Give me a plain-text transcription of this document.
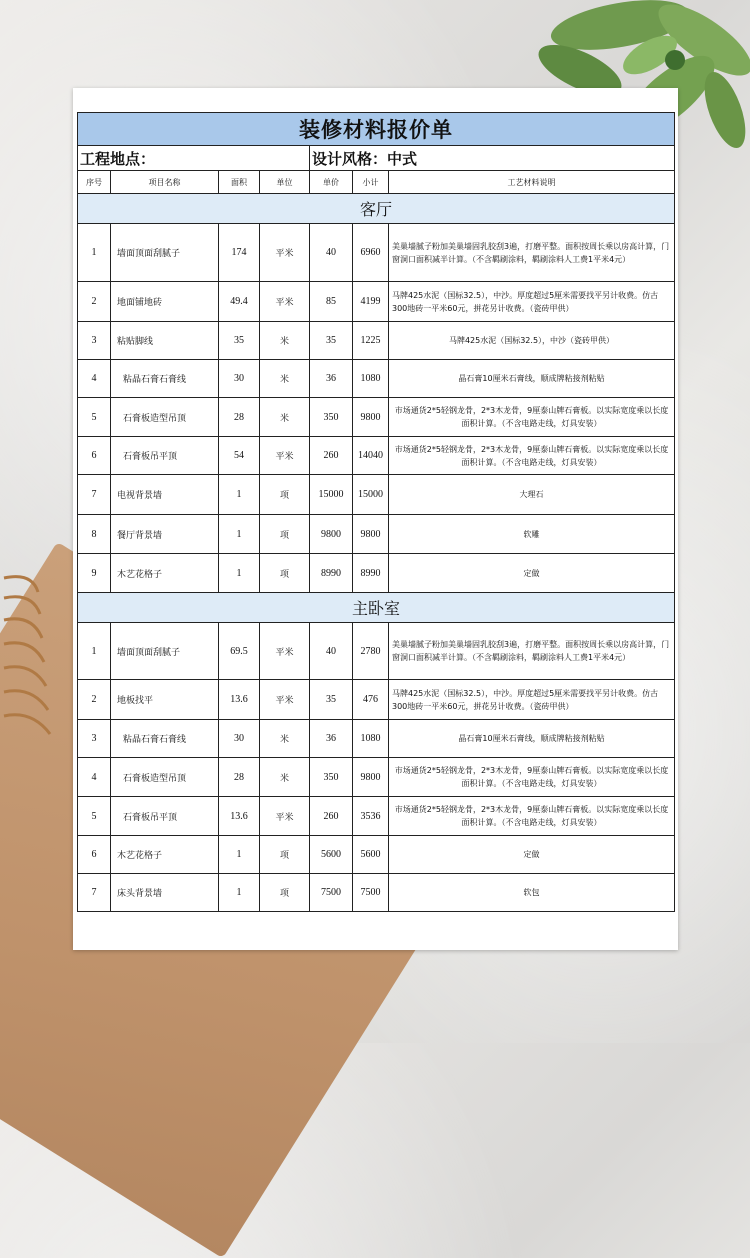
装修材料报价单						
工程地点：				设计风格：中式		
序号	项目名称	面积	单位	单价	小计	工艺材料说明
客厅						
1	墙面顶面刮腻子	174	平米	40	6960	美巢墙腻子粉加美巢墙固乳胶刮3遍，打磨平整。面积按周长乘以房高计算，门窗洞口面积减半计算。（不含羁刷涂料，羁刷涂料人工费1平米4元）
2	地面铺地砖	49.4	平米	85	4199	马牌425水泥（国标32.5），中沙。厚度超过5厘米需要找平另计收费。仿古300地砖一平米60元，拼花另计收费。（瓷砖甲供）
3	粘贴脚线	35	米	35	1225	马牌425水泥（国标32.5），中沙（瓷砖甲供）
4	粘晶石膏石膏线	30	米	36	1080	晶石膏10厘米石膏线，顺成牌粘接剂粘贴
5	石膏板造型吊顶	28	米	350	9800	市场通货2*5轻钢龙骨，2*3木龙骨，9厘泰山牌石膏板。以实际宽度乘以长度面积计算。（不含电路走线，灯具安装）
6	石膏板吊平顶	54	平米	260	14040	市场通货2*5轻钢龙骨，2*3木龙骨，9厘泰山牌石膏板。以实际宽度乘以长度面积计算。（不含电路走线，灯具安装）
7	电视背景墙	1	项	15000	15000	大理石
8	餐厅背景墙	1	项	9800	9800	软雕
9	木艺花格子	1	项	8990	8990	定做
主卧室						
1	墙面顶面刮腻子	69.5	平米	40	2780	美巢墙腻子粉加美巢墙固乳胶刮3遍，打磨平整。面积按周长乘以房高计算，门窗洞口面积减半计算。（不含羁刷涂料，羁刷涂料人工费1平米4元）
2	地板找平	13.6	平米	35	476	马牌425水泥（国标32.5），中沙。厚度超过5厘米需要找平另计收费。仿古300地砖一平米60元，拼花另计收费。（瓷砖甲供）
3	粘晶石膏石膏线	30	米	36	1080	晶石膏10厘米石膏线，顺成牌粘接剂粘贴
4	石膏板造型吊顶	28	米	350	9800	市场通货2*5轻钢龙骨，2*3木龙骨，9厘泰山牌石膏板。以实际宽度乘以长度面积计算。（不含电路走线，灯具安装）
5	石膏板吊平顶	13.6	平米	260	3536	市场通货2*5轻钢龙骨，2*3木龙骨，9厘泰山牌石膏板。以实际宽度乘以长度面积计算。（不含电路走线，灯具安装）
6	木艺花格子	1	项	5600	5600	定做
7	床头背景墙	1	项	7500	7500	软包
